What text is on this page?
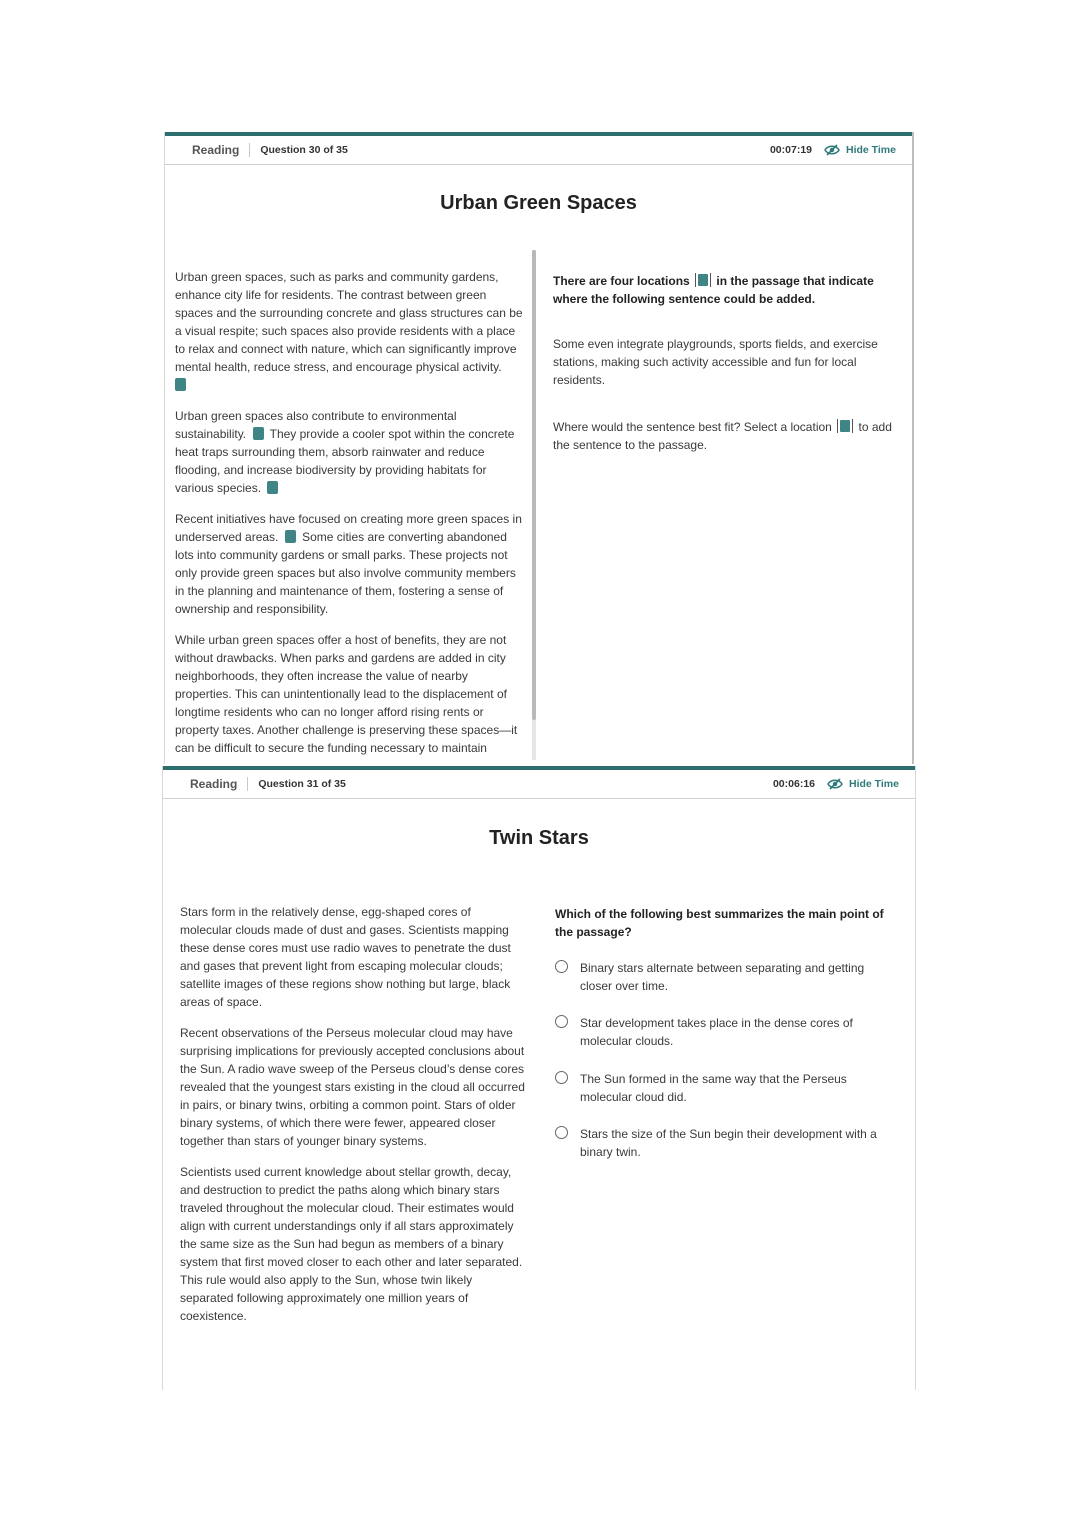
Reading Question 30 of 35	00:07:19	Hide Time
Urban Green Spaces

Urban green spaces, such as parks and community gardens, enhance city life for residents. The contrast between green spaces and the surrounding concrete and glass structures can be a visual respite; such spaces also provide residents with a place to relax and connect with nature, which can significantly improve mental health, reduce stress, and encourage physical activity.

Urban green spaces also contribute to environmental sustainability. They provide a cooler spot within the concrete heat traps surrounding them, absorb rainwater and reduce flooding, and increase biodiversity by providing habitats for various species.

Recent initiatives have focused on creating more green spaces in underserved areas. Some cities are converting abandoned lots into community gardens or small parks. These projects not only provide green spaces but also involve community members in the planning and maintenance of them, fostering a sense of ownership and responsibility.

While urban green spaces offer a host of benefits, they are not without drawbacks. When parks and gardens are added in city neighborhoods, they often increase the value of nearby properties. This can unintentionally lead to the displacement of longtime residents who can no longer afford rising rents or property taxes. Another challenge is preserving these spaces—it can be difficult to secure the funding necessary to maintain

There are four locations in the passage that indicate where the following sentence could be added.
Some even integrate playgrounds, sports fields, and exercise stations, making such activity accessible and fun for local residents.
Where would the sentence best fit? Select a location to add the sentence to the passage.
Reading Question 31 of 35	00:06:16	Hide Time
Twin Stars

Stars form in the relatively dense, egg-shaped cores of molecular clouds made of dust and gases. Scientists mapping these dense cores must use radio waves to penetrate the dust and gases that prevent light from escaping molecular clouds; satellite images of these regions show nothing but large, black areas of space.

Recent observations of the Perseus molecular cloud may have surprising implications for previously accepted conclusions about the Sun. A radio wave sweep of the Perseus cloud’s dense cores revealed that the youngest stars existing in the cloud all occurred in pairs, or binary twins, orbiting a common point. Stars of older binary systems, of which there were fewer, appeared closer together than stars of younger binary systems.

Scientists used current knowledge about stellar growth, decay, and destruction to predict the paths along which binary stars traveled throughout the molecular cloud. Their estimates would align with current understandings only if all stars approximately the same size as the Sun had begun as members of a binary system that first moved closer to each other and later separated. This rule would also apply to the Sun, whose twin likely separated following approximately one million years of coexistence.

Which of the following best summarizes the main point of the passage?
Binary stars alternate between separating and getting closer over time.
Star development takes place in the dense cores of molecular clouds.
The Sun formed in the same way that the Perseus molecular cloud did.
Stars the size of the Sun begin their development with a binary twin.
